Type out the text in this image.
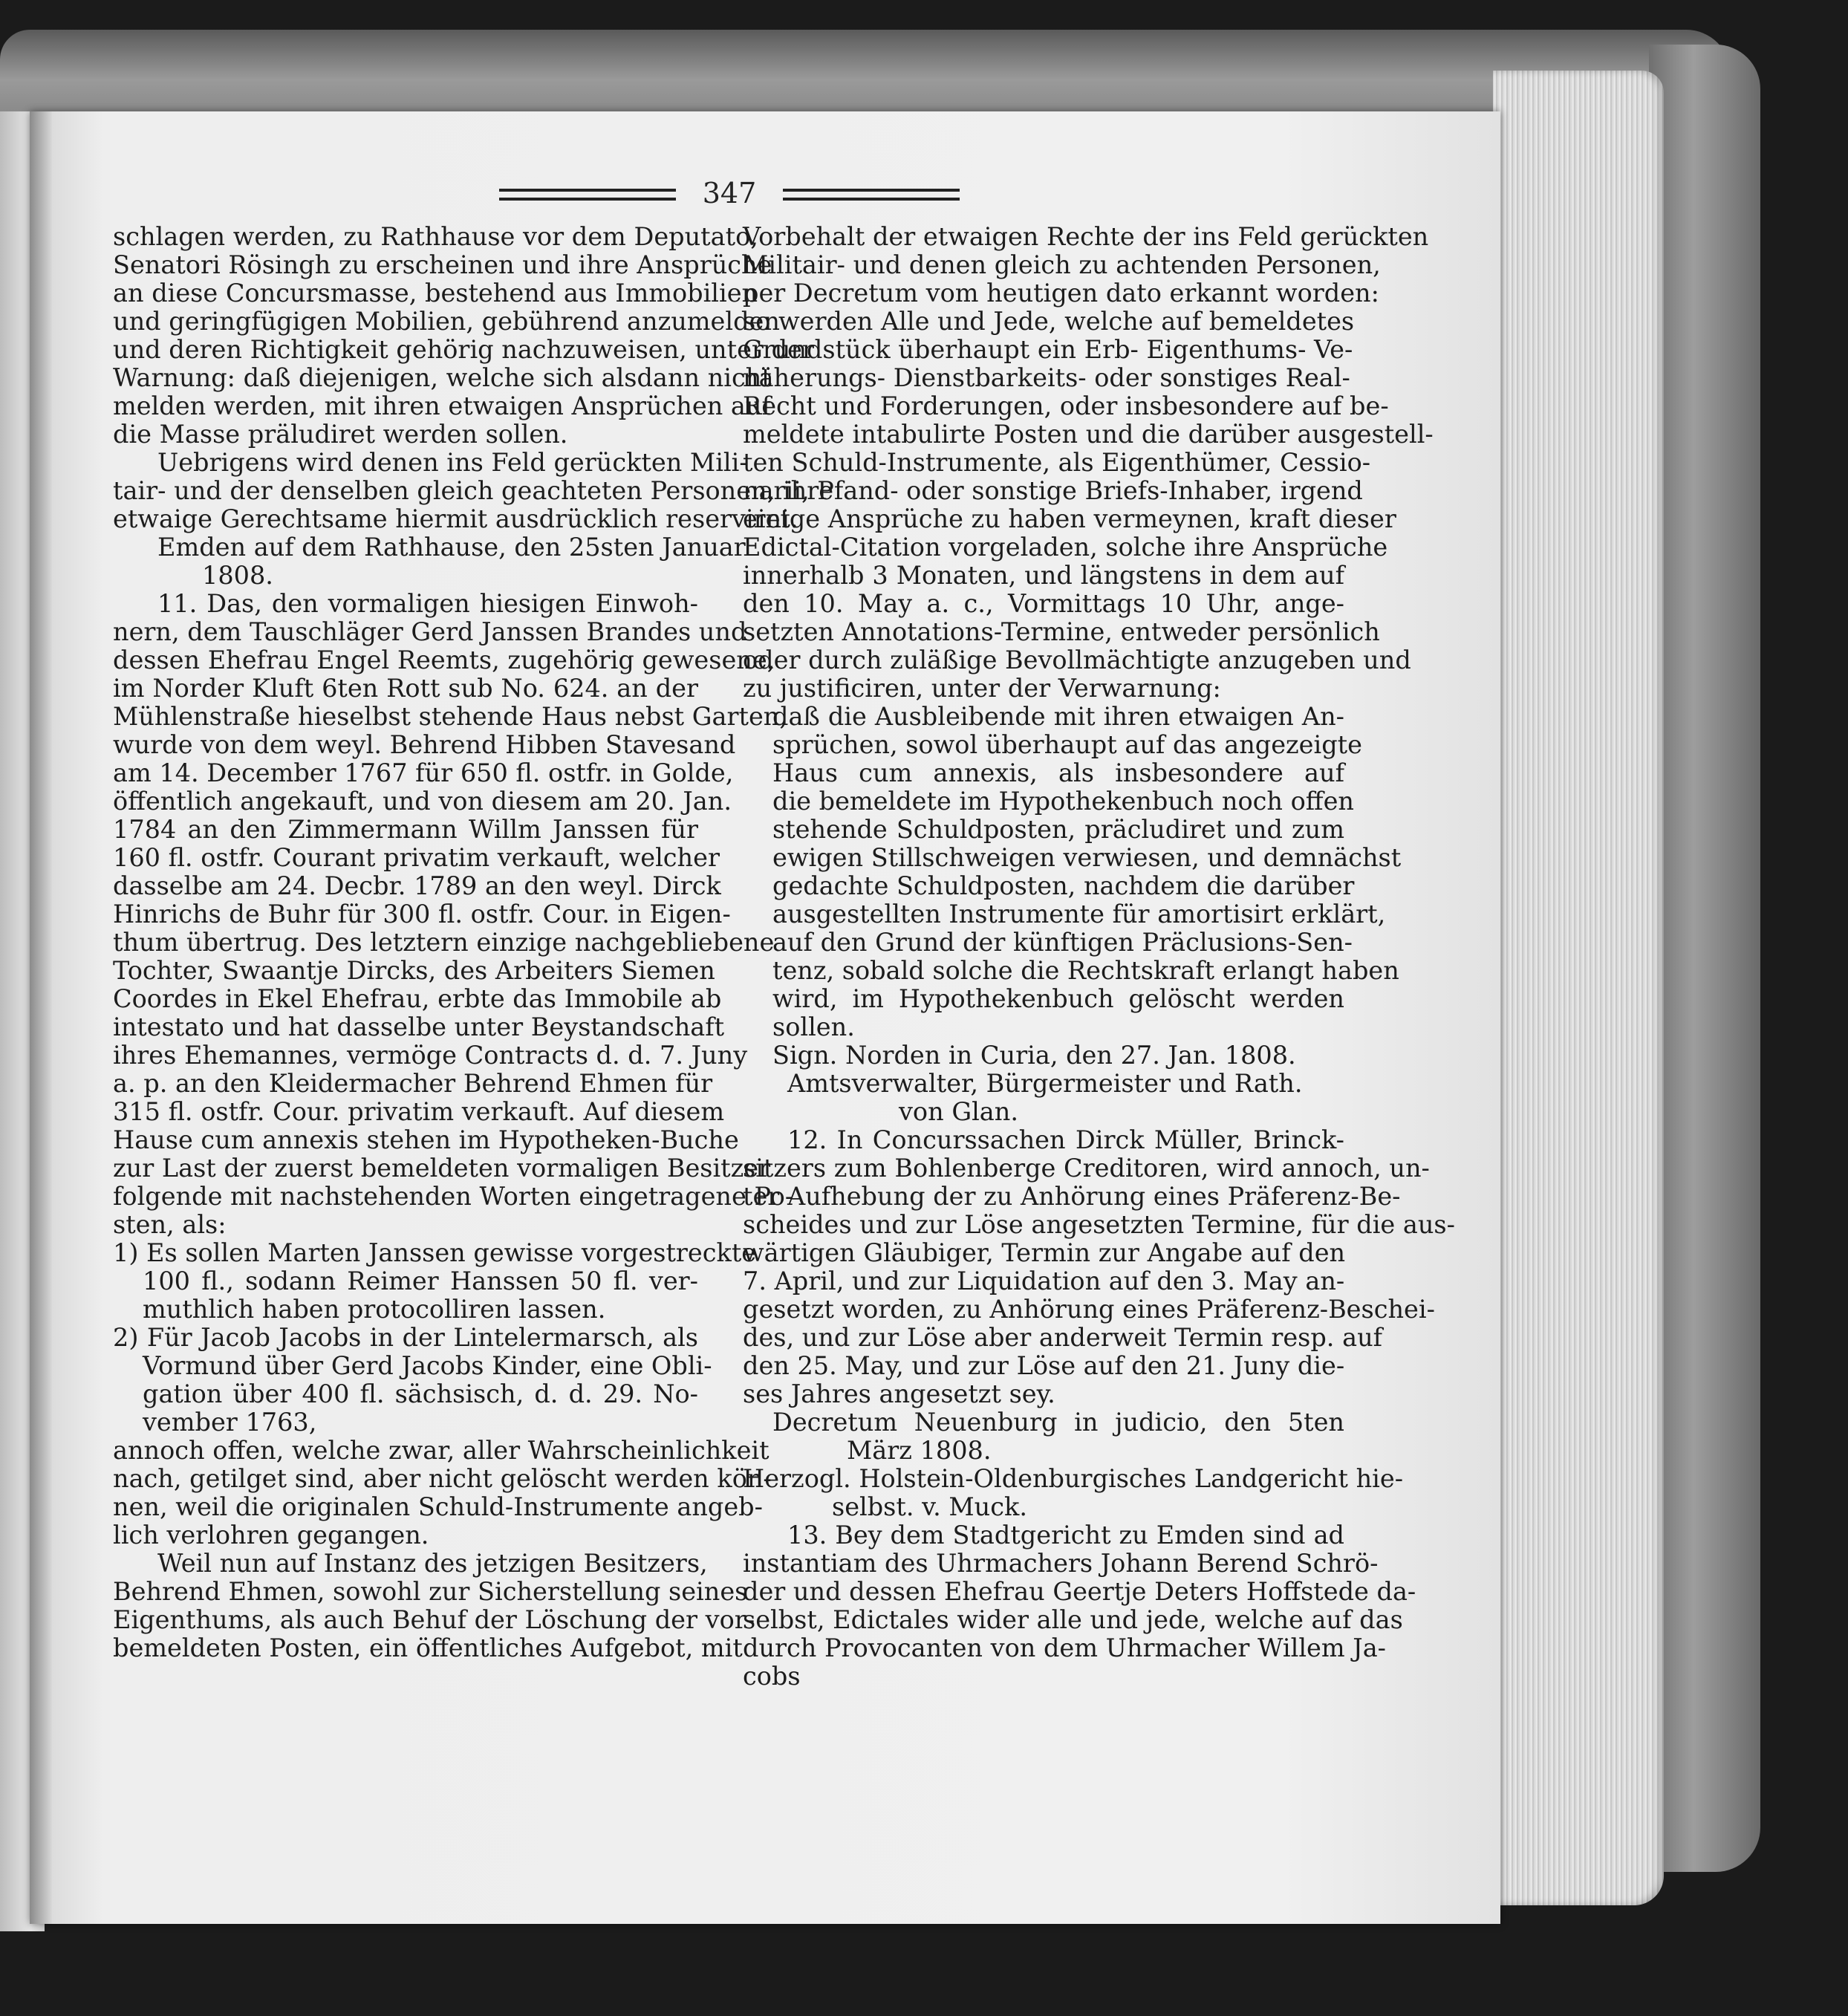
347
schlagen werden, zu Rathhause vor dem Deputato,
Senatori Rösingh zu erscheinen und ihre Ansprüche
an diese Concursmasse, bestehend aus Immobilien
und geringfügigen Mobilien, gebührend anzumelden
und deren Richtigkeit gehörig nachzuweisen, unter der
Warnung: daß diejenigen, welche sich alsdann nicht
melden werden, mit ihren etwaigen Ansprüchen auf
die Masse präludiret werden sollen.
Uebrigens wird denen ins Feld gerückten Mili-
tair- und der denselben gleich geachteten Personen, ihre
etwaige Gerechtsame hiermit ausdrücklich reserviret.
Emden auf dem Rathhause, den 25sten Januar
1808.
11. Das, den vormaligen hiesigen Einwoh-
nern, dem Tauschläger Gerd Janssen Brandes und
dessen Ehefrau Engel Reemts, zugehörig gewesene,
im Norder Kluft 6ten Rott sub No. 624. an der
Mühlenstraße hieselbst stehende Haus nebst Garten,
wurde von dem weyl. Behrend Hibben Stavesand
am 14. December 1767 für 650 fl. ostfr. in Golde,
öffentlich angekauft, und von diesem am 20. Jan.
1784 an den Zimmermann Willm Janssen für
160 fl. ostfr. Courant privatim verkauft, welcher
dasselbe am 24. Decbr. 1789 an den weyl. Dirck
Hinrichs de Buhr für 300 fl. ostfr. Cour. in Eigen-
thum übertrug. Des letztern einzige nachgebliebene
Tochter, Swaantje Dircks, des Arbeiters Siemen
Coordes in Ekel Ehefrau, erbte das Immobile ab
intestato und hat dasselbe unter Beystandschaft
ihres Ehemannes, vermöge Contracts d. d. 7. Juny
a. p. an den Kleidermacher Behrend Ehmen für
315 fl. ostfr. Cour. privatim verkauft. Auf diesem
Hause cum annexis stehen im Hypotheken-Buche
zur Last der zuerst bemeldeten vormaligen Besitzer
folgende mit nachstehenden Worten eingetragene Po-
sten, als:
1) Es sollen Marten Janssen gewisse vorgestreckte
100 fl., sodann Reimer Hanssen 50 fl. ver-
muthlich haben protocolliren lassen.
2) Für Jacob Jacobs in der Lintelermarsch, als
Vormund über Gerd Jacobs Kinder, eine Obli-
gation über 400 fl. sächsisch, d. d. 29. No-
vember 1763,
annoch offen, welche zwar, aller Wahrscheinlichkeit
nach, getilget sind, aber nicht gelöscht werden kön-
nen, weil die originalen Schuld-Instrumente angeb-
lich verlohren gegangen.
Weil nun auf Instanz des jetzigen Besitzers,
Behrend Ehmen, sowohl zur Sicherstellung seines
Eigenthums, als auch Behuf der Löschung der vor-
bemeldeten Posten, ein öffentliches Aufgebot, mit
Vorbehalt der etwaigen Rechte der ins Feld gerückten
Militair- und denen gleich zu achtenden Personen,
per Decretum vom heutigen dato erkannt worden:
so werden Alle und Jede, welche auf bemeldetes
Grundstück überhaupt ein Erb- Eigenthums- Ve-
näherungs- Dienstbarkeits- oder sonstiges Real-
Recht und Forderungen, oder insbesondere auf be-
meldete intabulirte Posten und die darüber ausgestell-
ten Schuld-Instrumente, als Eigenthümer, Cessio-
narii, Pfand- oder sonstige Briefs-Inhaber, irgend
einige Ansprüche zu haben vermeynen, kraft dieser
Edictal-Citation vorgeladen, solche ihre Ansprüche
innerhalb 3 Monaten, und längstens in dem auf
den 10. May a. c., Vormittags 10 Uhr, ange-
setzten Annotations-Termine, entweder persönlich
oder durch zuläßige Bevollmächtigte anzugeben und
zu justificiren, unter der Verwarnung:
daß die Ausbleibende mit ihren etwaigen An-
sprüchen, sowol überhaupt auf das angezeigte
Haus cum annexis, als insbesondere auf
die bemeldete im Hypothekenbuch noch offen
stehende Schuldposten, präcludiret und zum
ewigen Stillschweigen verwiesen, und demnächst
gedachte Schuldposten, nachdem die darüber
ausgestellten Instrumente für amortisirt erklärt,
auf den Grund der künftigen Präclusions-Sen-
tenz, sobald solche die Rechtskraft erlangt haben
wird, im Hypothekenbuch gelöscht werden
sollen.
Sign. Norden in Curia, den 27. Jan. 1808.
Amtsverwalter, Bürgermeister und Rath.
von Glan.
12. In Concurssachen Dirck Müller, Brinck-
sitzers zum Bohlenberge Creditoren, wird annoch, un-
ter Aufhebung der zu Anhörung eines Präferenz-Be-
scheides und zur Löse angesetzten Termine, für die aus-
wärtigen Gläubiger, Termin zur Angabe auf den
7. April, und zur Liquidation auf den 3. May an-
gesetzt worden, zu Anhörung eines Präferenz-Beschei-
des, und zur Löse aber anderweit Termin resp. auf
den 25. May, und zur Löse auf den 21. Juny die-
ses Jahres angesetzt sey.
Decretum Neuenburg in judicio, den 5ten
März 1808.
Herzogl. Holstein-Oldenburgisches Landgericht hie-
selbst. v. Muck.
13. Bey dem Stadtgericht zu Emden sind ad
instantiam des Uhrmachers Johann Berend Schrö-
der und dessen Ehefrau Geertje Deters Hoffstede da-
selbst, Edictales wider alle und jede, welche auf das
durch Provocanten von dem Uhrmacher Willem Ja-
cobs
